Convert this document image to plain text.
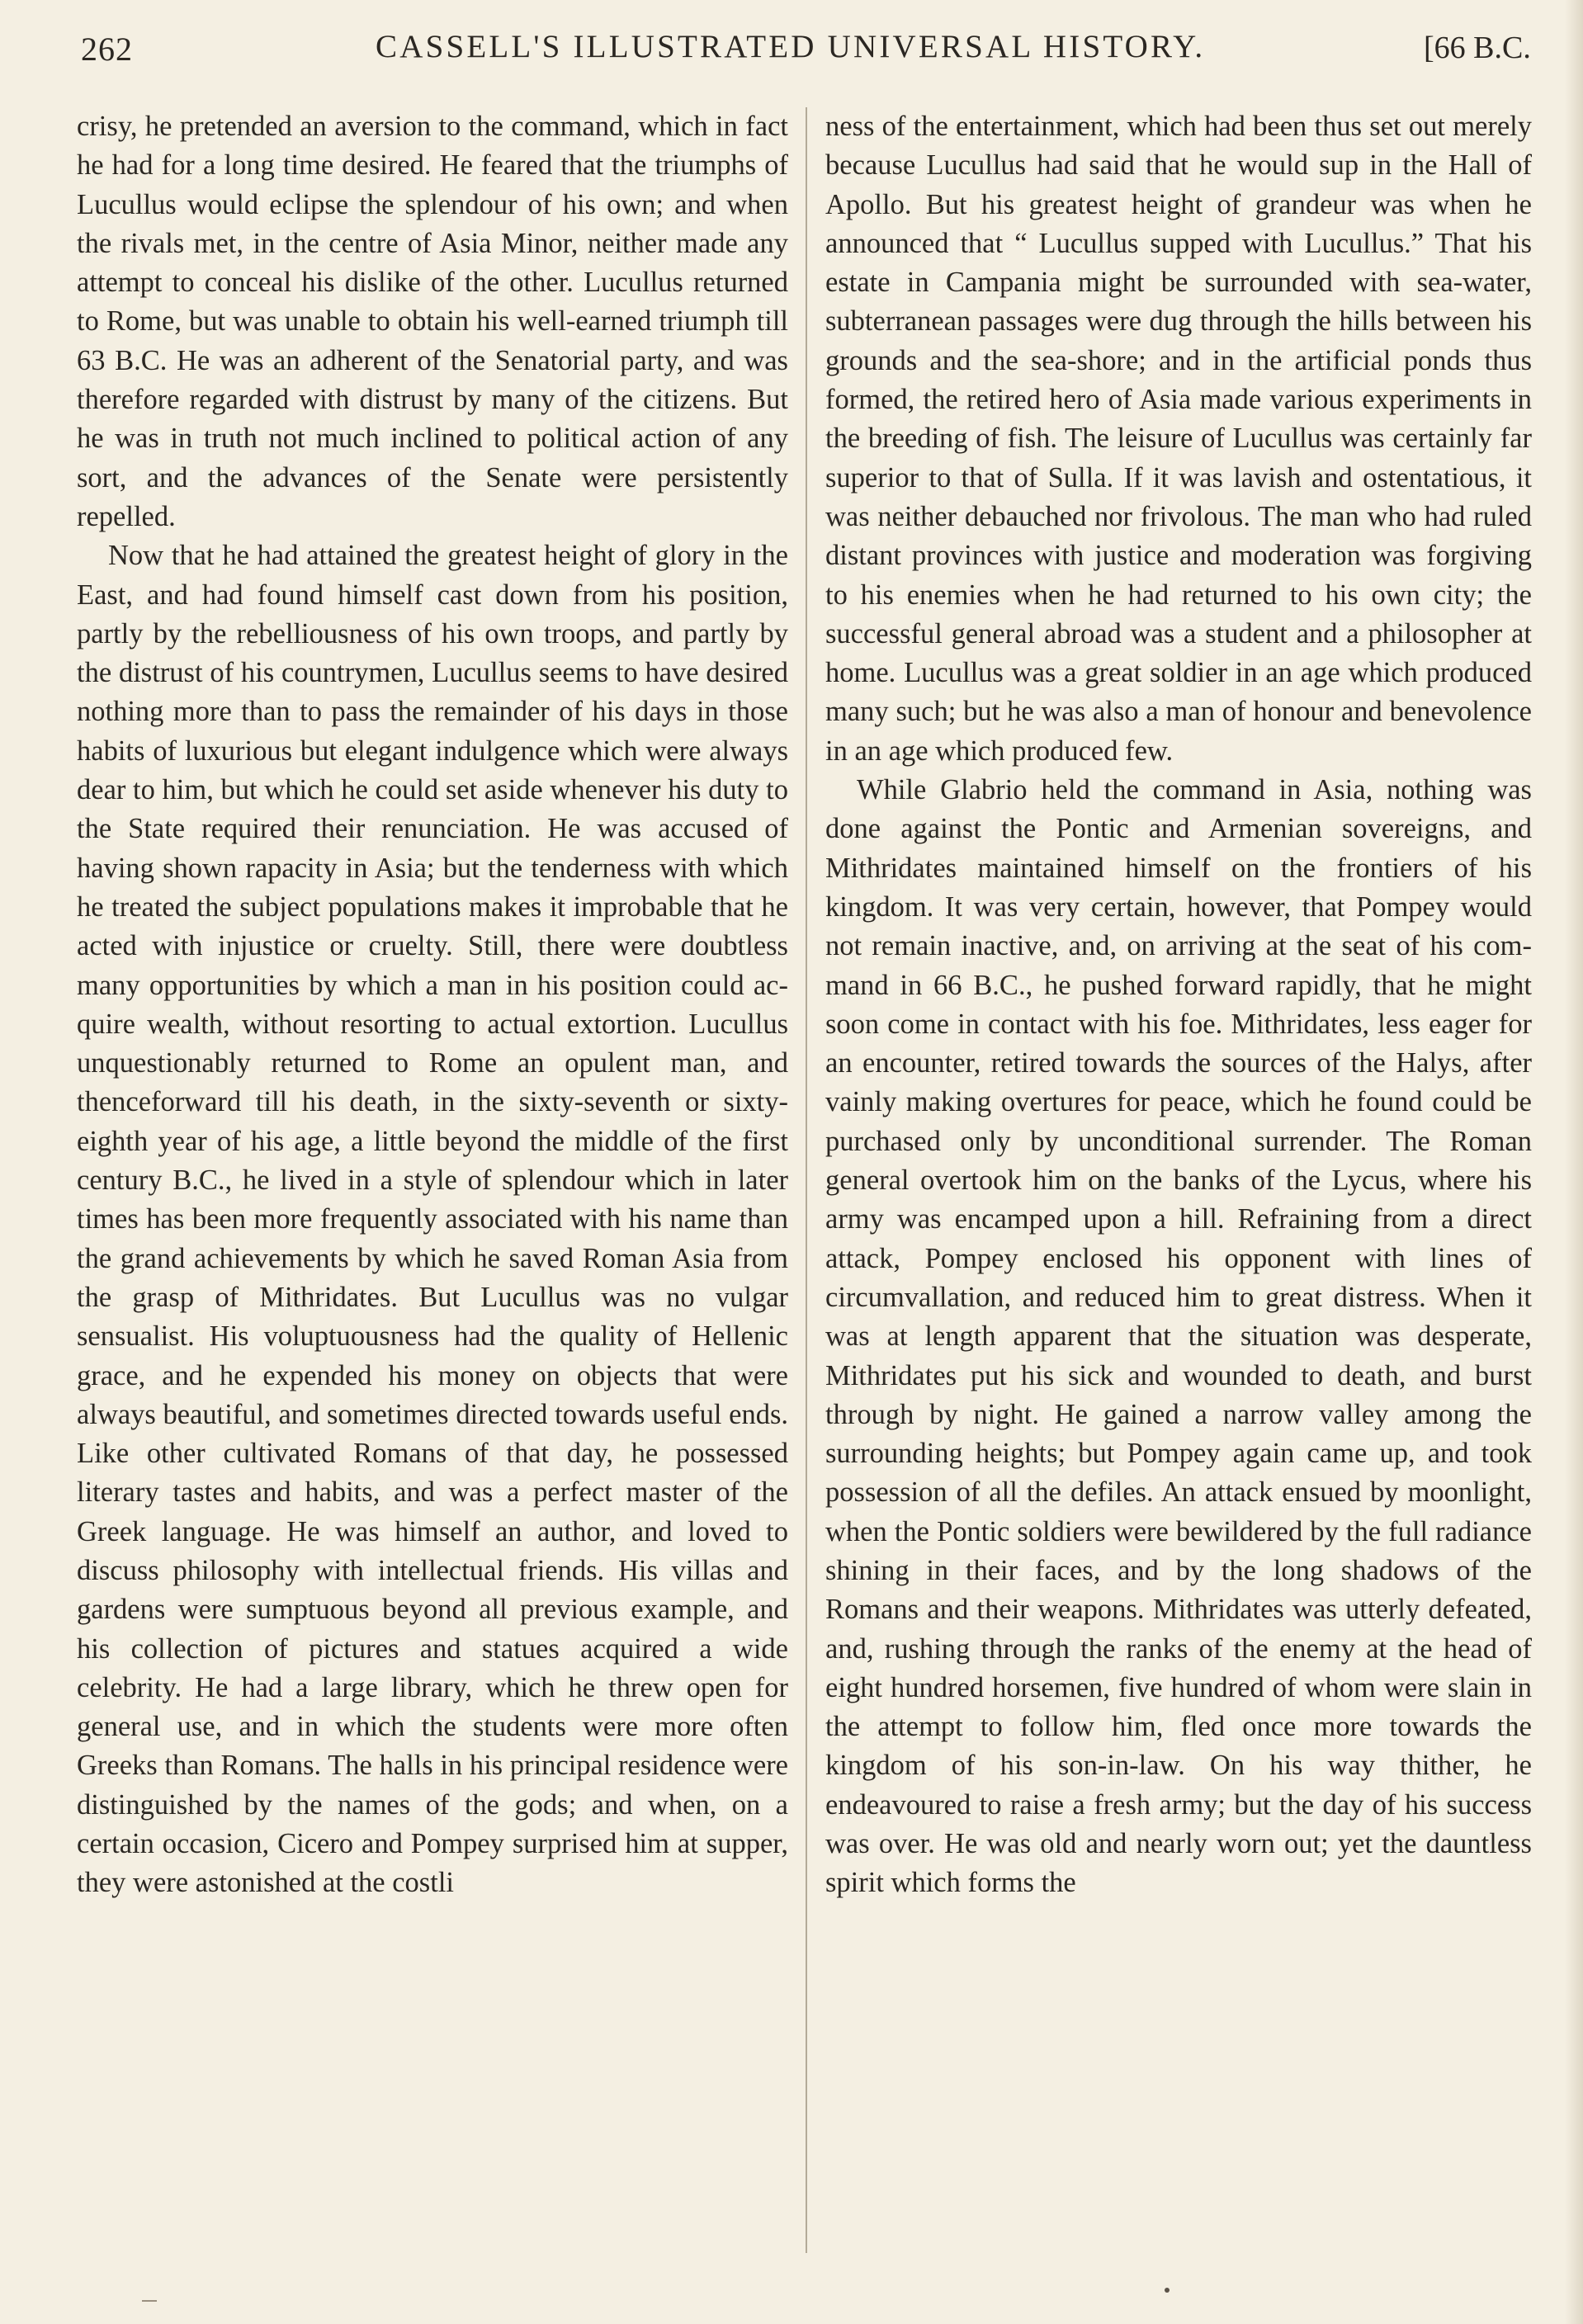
262	CASSELL'S ILLUSTRATED UNIVERSAL HISTORY.	[66 B.C.

crisy, he pretended an aversion to the command, which in fact he had for a long time desired. He feared that the triumphs of Lucullus would eclipse the splendour of his own; and when the rivals met, in the centre of Asia Minor, neither made any attempt to conceal his dislike of the other. Lucullus returned to Rome, but was unable to obtain his well-earned triumph till 63 B.C. He was an adherent of the Senatorial party, and was therefore regarded with distrust by many of the citizens. But he was in truth not much inclined to political action of any sort, and the advances of the Senate were persistently repelled.

Now that he had attained the greatest height of glory in the East, and had found himself cast down from his position, partly by the rebelliousness of his own troops, and partly by the distrust of his countrymen, Lucullus seems to have desired nothing more than to pass the remainder of his days in those habits of luxurious but elegant indulgence which were always dear to him, but which he could set aside whenever his duty to the State required their renunciation. He was accused of having shown rapacity in Asia; but the tenderness with which he treated the subject populations makes it improbable that he acted with injustice or cruelty. Still, there were doubtless many opportunities by which a man in his position could acquire wealth, without resorting to actual extortion. Lucullus unquestionably returned to Rome an opulent man, and thenceforward till his death, in the sixty-seventh or sixty-eighth year of his age, a little beyond the middle of the first century B.C., he lived in a style of splendour which in later times has been more frequently associated with his name than the grand achievements by which he saved Roman Asia from the grasp of Mithridates. But Lucullus was no vulgar sensualist. His voluptuousness had the quality of Hellenic grace, and he expended his money on objects that were always beautiful, and sometimes directed towards useful ends. Like other cultivated Romans of that day, he possessed literary tastes and habits, and was a perfect master of the Greek language. He was himself an author, and loved to discuss philosophy with intellectual friends. His villas and gardens were sumptuous beyond all previous example, and his collection of pictures and statues acquired a wide celebrity. He had a large library, which he threw open for general use, and in which the students were more often Greeks than Romans. The halls in his principal residence were distinguished by the names of the gods; and when, on a certain occasion, Cicero and Pompey surprised him at supper, they were astonished at the costli

ness of the entertainment, which had been thus set out merely because Lucullus had said that he would sup in the Hall of Apollo. But his greatest height of grandeur was when he announced that “ Lucullus supped with Lucullus.” That his estate in Campania might be surrounded with sea-water, subterranean passages were dug through the hills between his grounds and the sea-shore; and in the artificial ponds thus formed, the retired hero of Asia made various experiments in the breeding of fish. The leisure of Lucullus was certainly far superior to that of Sulla. If it was lavish and ostentatious, it was neither debauched nor frivolous. The man who had ruled distant provinces with justice and moderation was forgiving to his enemies when he had returned to his own city; the successful general abroad was a student and a philosopher at home. Lucullus was a great soldier in an age which produced many such; but he was also a man of honour and benevolence in an age which produced few.

While Glabrio held the command in Asia, nothing was done against the Pontic and Armenian sovereigns, and Mithridates maintained himself on the frontiers of his kingdom. It was very certain, however, that Pompey would not remain inactive, and, on arriving at the seat of his command in 66 B.C., he pushed forward rapidly, that he might soon come in contact with his foe. Mithridates, less eager for an encounter, retired towards the sources of the Halys, after vainly making overtures for peace, which he found could be purchased only by unconditional surrender. The Roman general overtook him on the banks of the Lycus, where his army was encamped upon a hill. Refraining from a direct attack, Pompey enclosed his opponent with lines of circumvallation, and reduced him to great distress. When it was at length apparent that the situation was desperate, Mithridates put his sick and wounded to death, and burst through by night. He gained a narrow valley among the surrounding heights; but Pompey again came up, and took possession of all the defiles. An attack ensued by moonlight, when the Pontic soldiers were bewildered by the full radiance shining in their faces, and by the long shadows of the Romans and their weapons. Mithridates was utterly defeated, and, rushing through the ranks of the enemy at the head of eight hundred horsemen, five hundred of whom were slain in the attempt to follow him, fled once more towards the kingdom of his son-in-law. On his way thither, he endeavoured to raise a fresh army; but the day of his success was over. He was old and nearly worn out; yet the dauntless spirit which forms the
